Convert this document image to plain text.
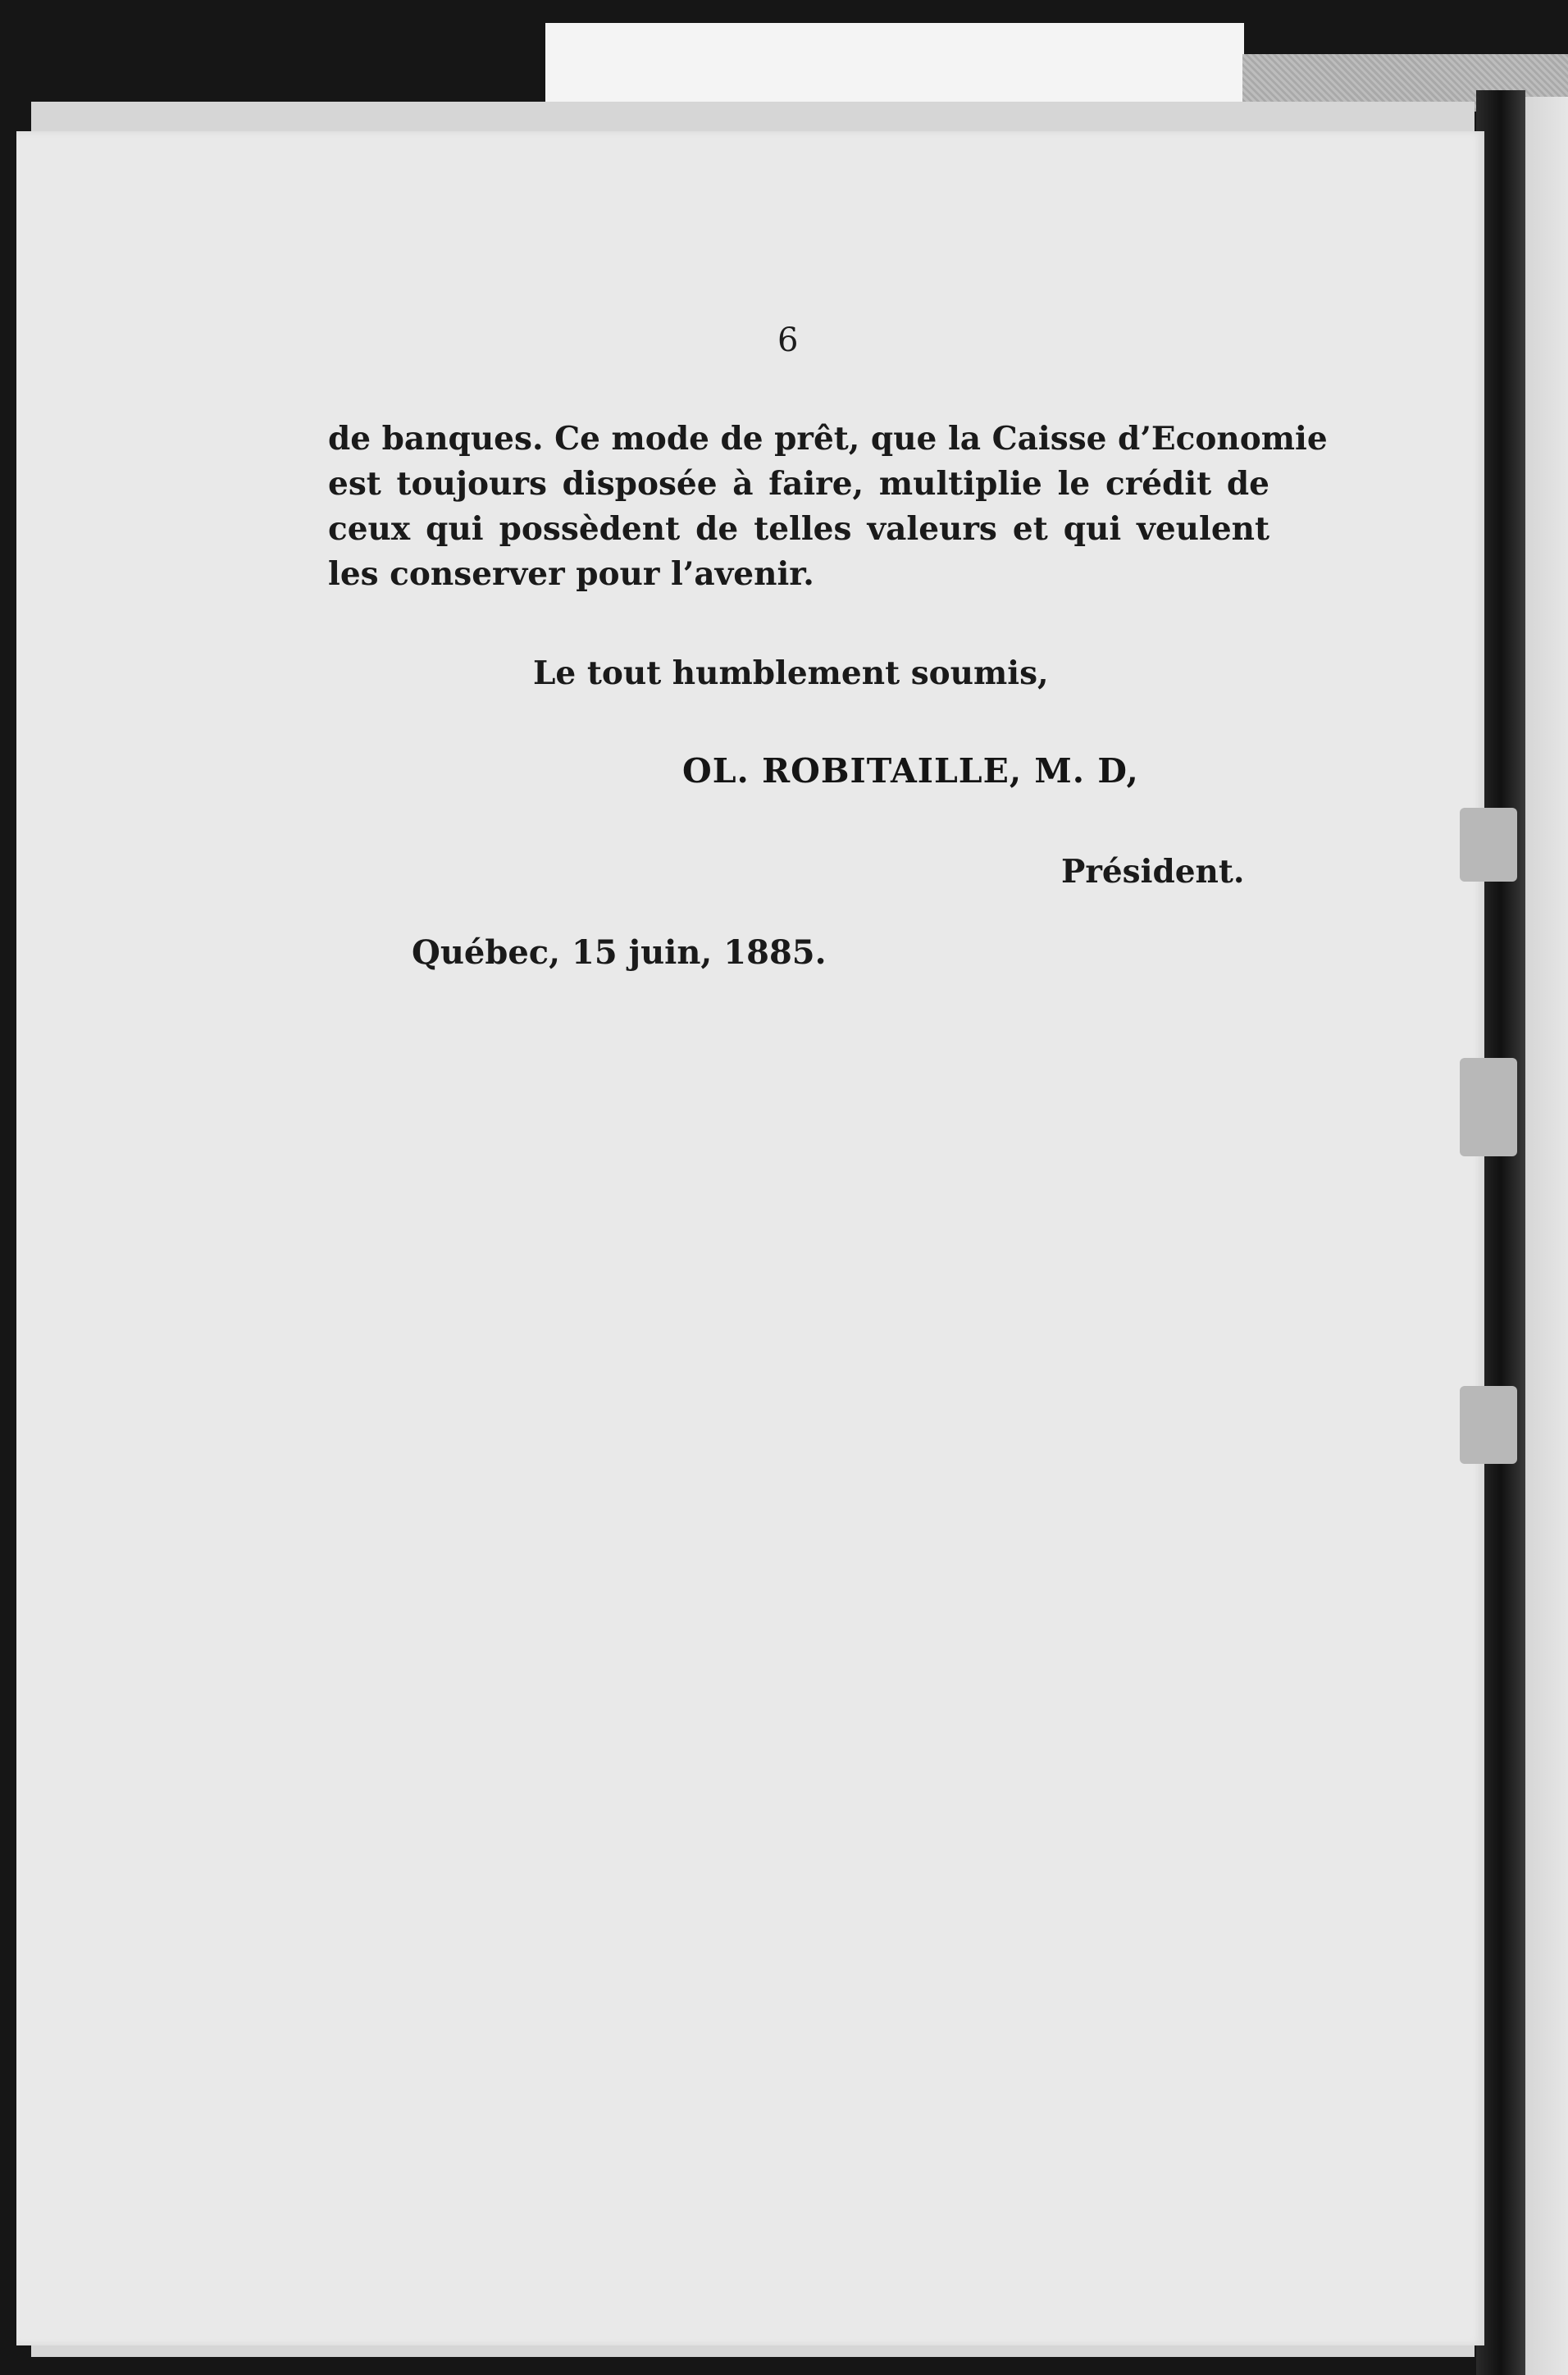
6
de banques. Ce mode de prêt, que la Caisse d’Economie
est toujours disposée à faire, multiplie le crédit de
ceux qui possèdent de telles valeurs et qui veulent
les conserver pour l’avenir.
Le tout humblement soumis,
OL. ROBITAILLE, M. D,
Président.
Québec, 15 juin, 1885.
